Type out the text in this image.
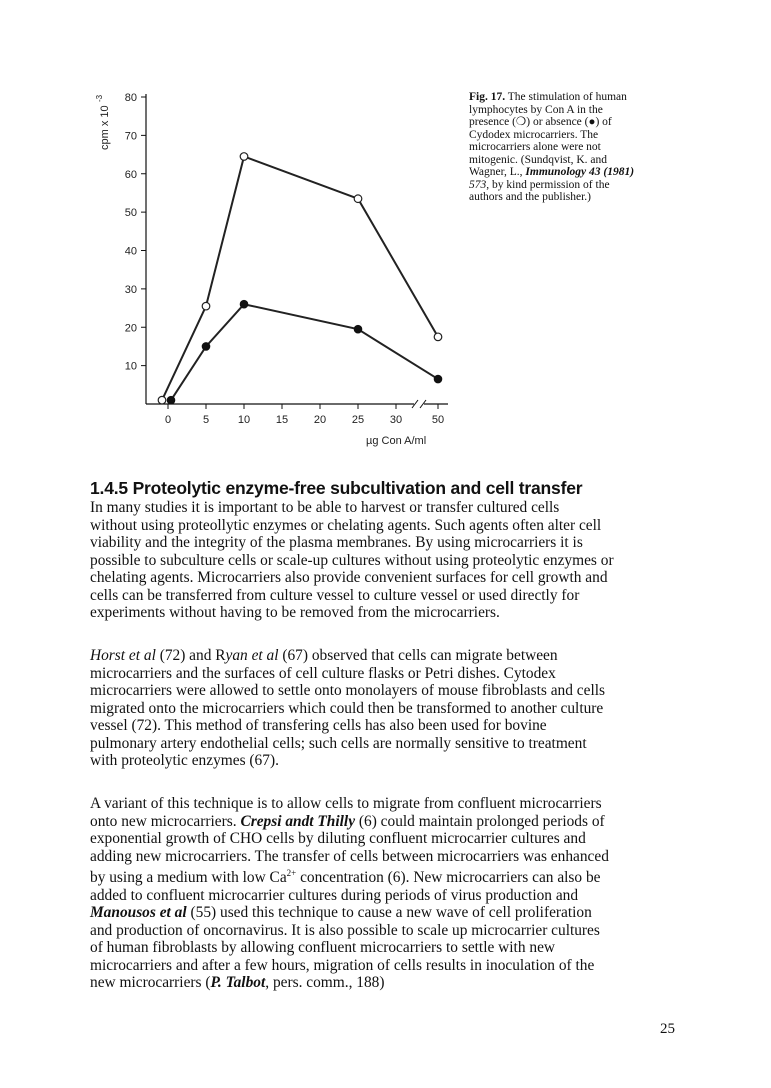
10
20
30
40
50
60
70
80
0	5	10 15 20 25 30	50
cpm x 10
-3
µg Con A/ml
Fig. 17. The stimulation of human
lymphocytes by Con A in the
presence (❍) or absence (●) of
Cydodex microcarriers. The
microcarriers alone were not
mitogenic. (Sundqvist, K. and
Wagner, L., Immunology 43 (1981)
573, by kind permission of the
authors and the publisher.)
1.4.5 Proteolytic enzyme-free subcultivation and cell transfer

In many studies it is important to be able to harvest or transfer cultured cells
without using proteollytic enzymes or chelating agents. Such agents often alter cell
viability and the integrity of the plasma membranes. By using microcarriers it is
possible to subculture cells or scale-up cultures without using proteolytic enzymes or
chelating agents. Microcarriers also provide convenient surfaces for cell growth and
cells can be transferred from culture vessel to culture vessel or used directly for
experiments without having to be removed from the microcarriers.

Horst et al (72) and Ryan et al (67) observed that cells can migrate between
microcarriers and the surfaces of cell culture flasks or Petri dishes. Cytodex
microcarriers were allowed to settle onto monolayers of mouse fibroblasts and cells
migrated onto the microcarriers which could then be transformed to another culture
vessel (72). This method of transfering cells has also been used for bovine
pulmonary artery endothelial cells; such cells are normally sensitive to treatment
with proteolytic enzymes (67).

A variant of this technique is to allow cells to migrate from confluent microcarriers
onto new microcarriers. Crepsi andt Thilly (6) could maintain prolonged periods of
exponential growth of CHO cells by diluting confluent microcarrier cultures and
adding new microcarriers. The transfer of cells between microcarriers was enhanced
by using a medium with low $Ca^{2+}$ concentration (6). New microcarriers can also be
added to confluent microcarrier cultures during periods of virus production and
Manousos et al (55) used this technique to cause a new wave of cell proliferation
and production of oncornavirus. It is also possible to scale up microcarrier cultures
of human fibroblasts by allowing confluent microcarriers to settle with new
microcarriers and after a few hours, migration of cells results in inoculation of the
new microcarriers (P. Talbot, pers. comm., 188)

25
